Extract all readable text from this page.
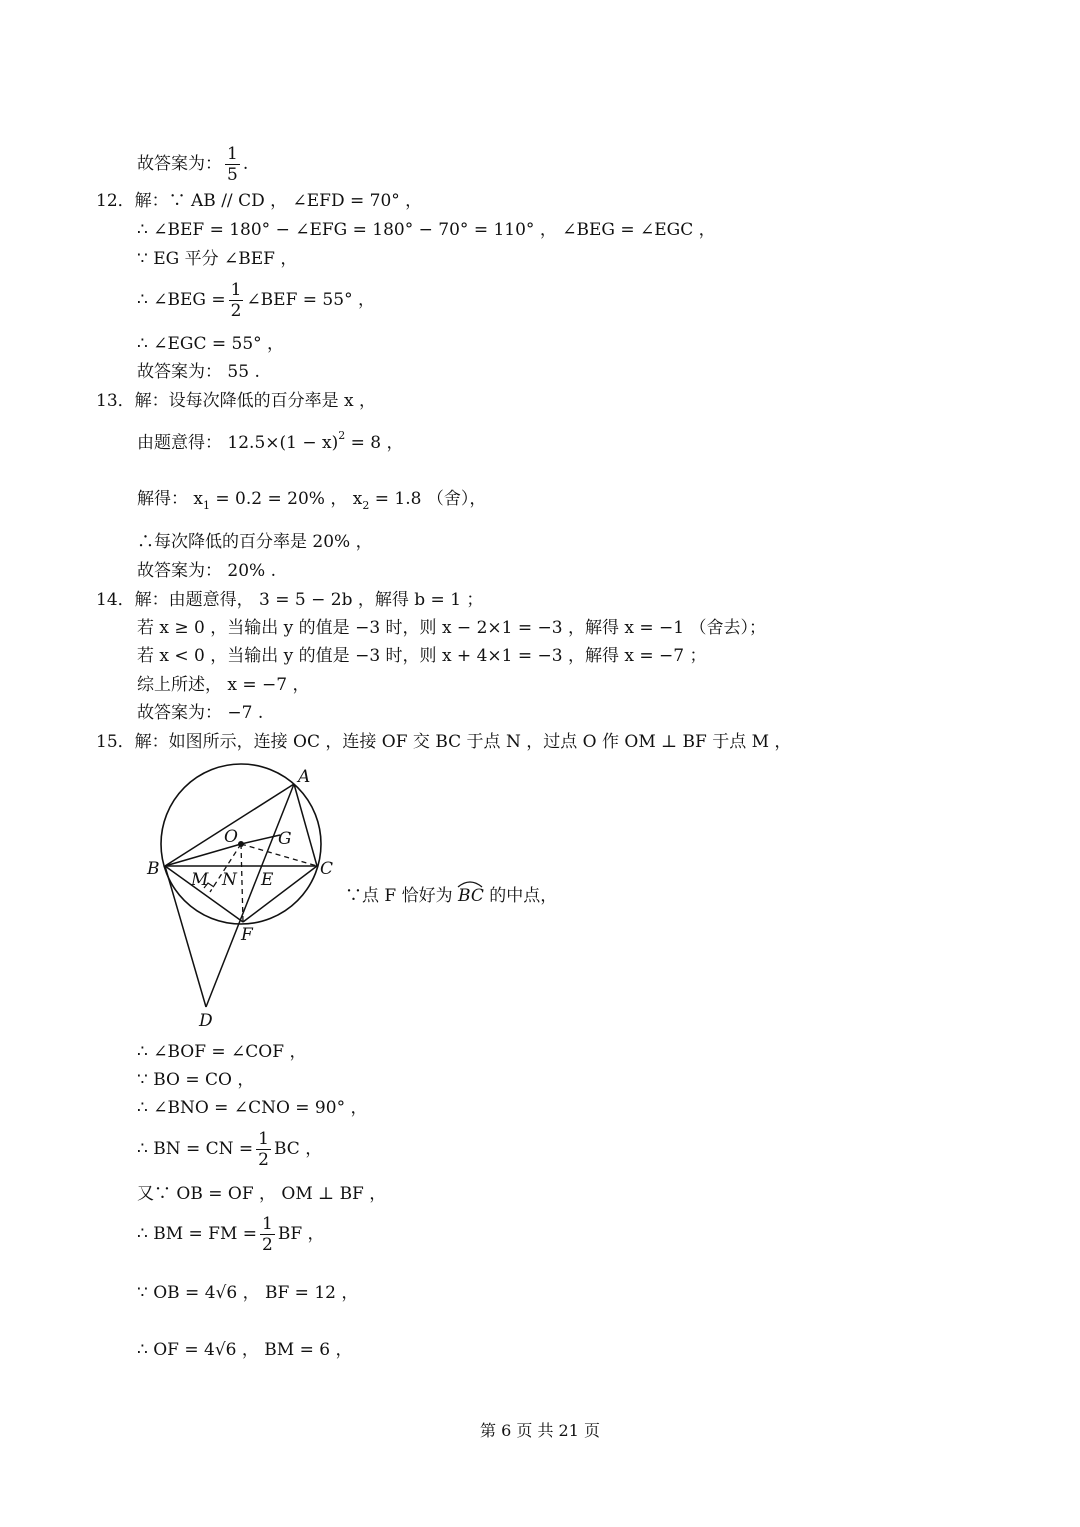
故答案为： $\frac{1}{5}$ .
12．解：∵ AB // CD ， ∠EFD = 70° ，
∴ ∠BEF = 180° − ∠EFG = 180° − 70° = 110° ， ∠BEG = ∠EGC ，
∵ EG 平分 ∠BEF ，
∴ ∠BEG = $\frac{1}{2}$ ∠BEF = 55° ，
∴ ∠EGC = 55° ，
故答案为： 55 .
13．解：设每次降低的百分率是 x ，
由题意得： $12.5\times(1 - x)^2 = 8$ ，
解得： $x_1 = 0.2 = 20\%$ ， $x_2 = 1.8$ （舍），
∴每次降低的百分率是 20% ，
故答案为： 20% .
14．解：由题意得， 3 = 5 − 2b ，解得 b = 1 ；
若 x ≥ 0 ，当输出 y 的值是 −3 时，则 x − 2×1 = −3 ，解得 x = −1 （舍去）；
若 x < 0 ，当输出 y 的值是 −3 时，则 x + 4×1 = −3 ，解得 x = −7 ；
综上所述， x = −7 ，
故答案为： −7 .
15．解：如图所示，连接 OC ，连接 OF 交 BC 于点 N ，过点 O 作 OM ⊥ BF 于点 M ，
A
O G
B	C
M N E
F
D
∵点 F 恰好为
BC 的中点，
∴ ∠BOF = ∠COF ，
∵ BO = CO ，
∴ ∠BNO = ∠CNO = 90° ，
∴ BN = CN = $\frac{1}{2}$ BC ，
又∵ OB = OF ， OM ⊥ BF ，
∴ BM = FM = $\frac{1}{2}$ BF ，
∵ OB = 4√6 ， BF = 12 ，
∴ OF = 4√6 ， BM = 6 ，
第 6 页 共 21 页
